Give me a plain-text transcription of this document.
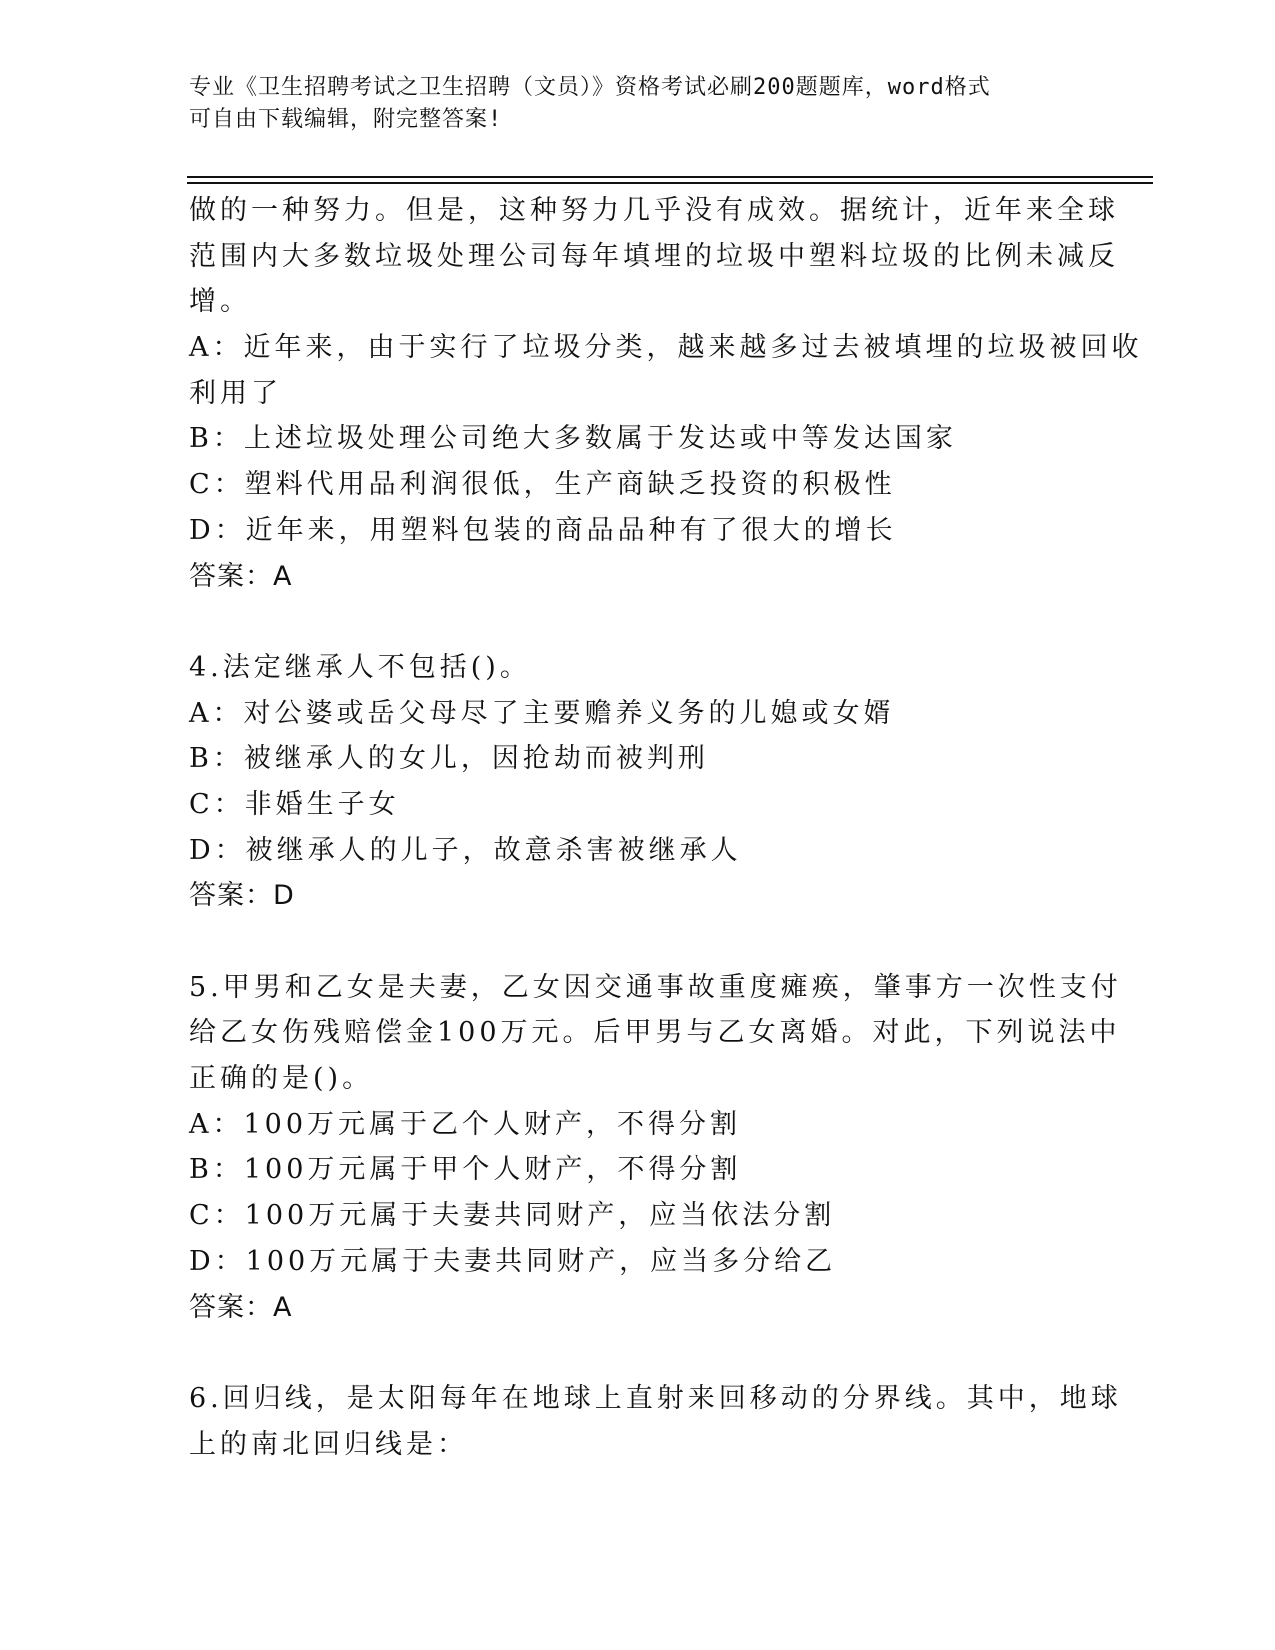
专业《卫生招聘考试之卫生招聘（文员）》资格考试必刷200题题库，word格式
可自由下载编辑，附完整答案!
做的一种努力。但是，这种努力几乎没有成效。据统计，近年来全球
范围内大多数垃圾处理公司每年填埋的垃圾中塑料垃圾的比例未减反
增。
A：近年来，由于实行了垃圾分类，越来越多过去被填埋的垃圾被回收
利用了
B：上述垃圾处理公司绝大多数属于发达或中等发达国家
C：塑料代用品利润很低，生产商缺乏投资的积极性
D：近年来，用塑料包装的商品品种有了很大的增长
答案：A
4.法定继承人不包括()。
A：对公婆或岳父母尽了主要赡养义务的儿媳或女婿
B：被继承人的女儿，因抢劫而被判刑
C：非婚生子女
D：被继承人的儿子，故意杀害被继承人
答案：D
5.甲男和乙女是夫妻，乙女因交通事故重度瘫痪，肇事方一次性支付
给乙女伤残赔偿金100万元。后甲男与乙女离婚。对此，下列说法中
正确的是()。
A：100万元属于乙个人财产，不得分割
B：100万元属于甲个人财产，不得分割
C：100万元属于夫妻共同财产，应当依法分割
D：100万元属于夫妻共同财产，应当多分给乙
答案：A
6.回归线，是太阳每年在地球上直射来回移动的分界线。其中，地球
上的南北回归线是：
